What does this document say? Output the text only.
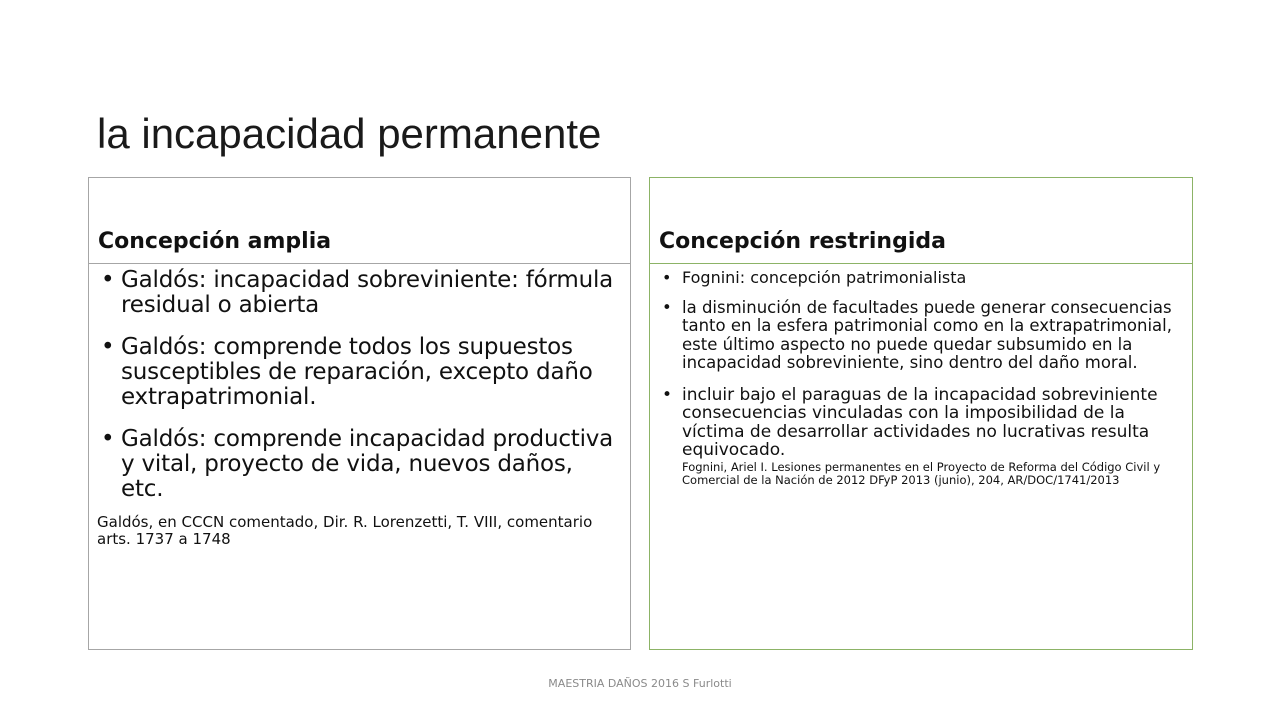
la incapacidad permanente
Concepción amplia
• Galdós: incapacidad sobreviniente: fórmula residual o abierta
• Galdós: comprende todos los supuestos susceptibles de reparación, excepto daño extrapatrimonial.
• Galdós: comprende incapacidad productiva y vital, proyecto de vida, nuevos daños, etc.
Galdós, en CCCN comentado, Dir. R. Lorenzetti, T. VIII, comentario arts. 1737 a 1748
Concepción restringida
• Fognini: concepción patrimonialista
• la disminución de facultades puede generar consecuencias tanto en la esfera patrimonial como en la extrapatrimonial, este último aspecto no puede quedar subsumido en la incapacidad sobreviniente, sino dentro del daño moral.
• incluir bajo el paraguas de la incapacidad sobreviniente consecuencias vinculadas con la imposibilidad de la víctima de desarrollar actividades no lucrativas resulta equivocado.
Fognini, Ariel I. Lesiones permanentes en el Proyecto de Reforma del Código Civil y Comercial de la Nación de 2012 DFyP 2013 (junio), 204, AR/DOC/1741/2013
MAESTRIA DAÑOS 2016 S Furlotti
